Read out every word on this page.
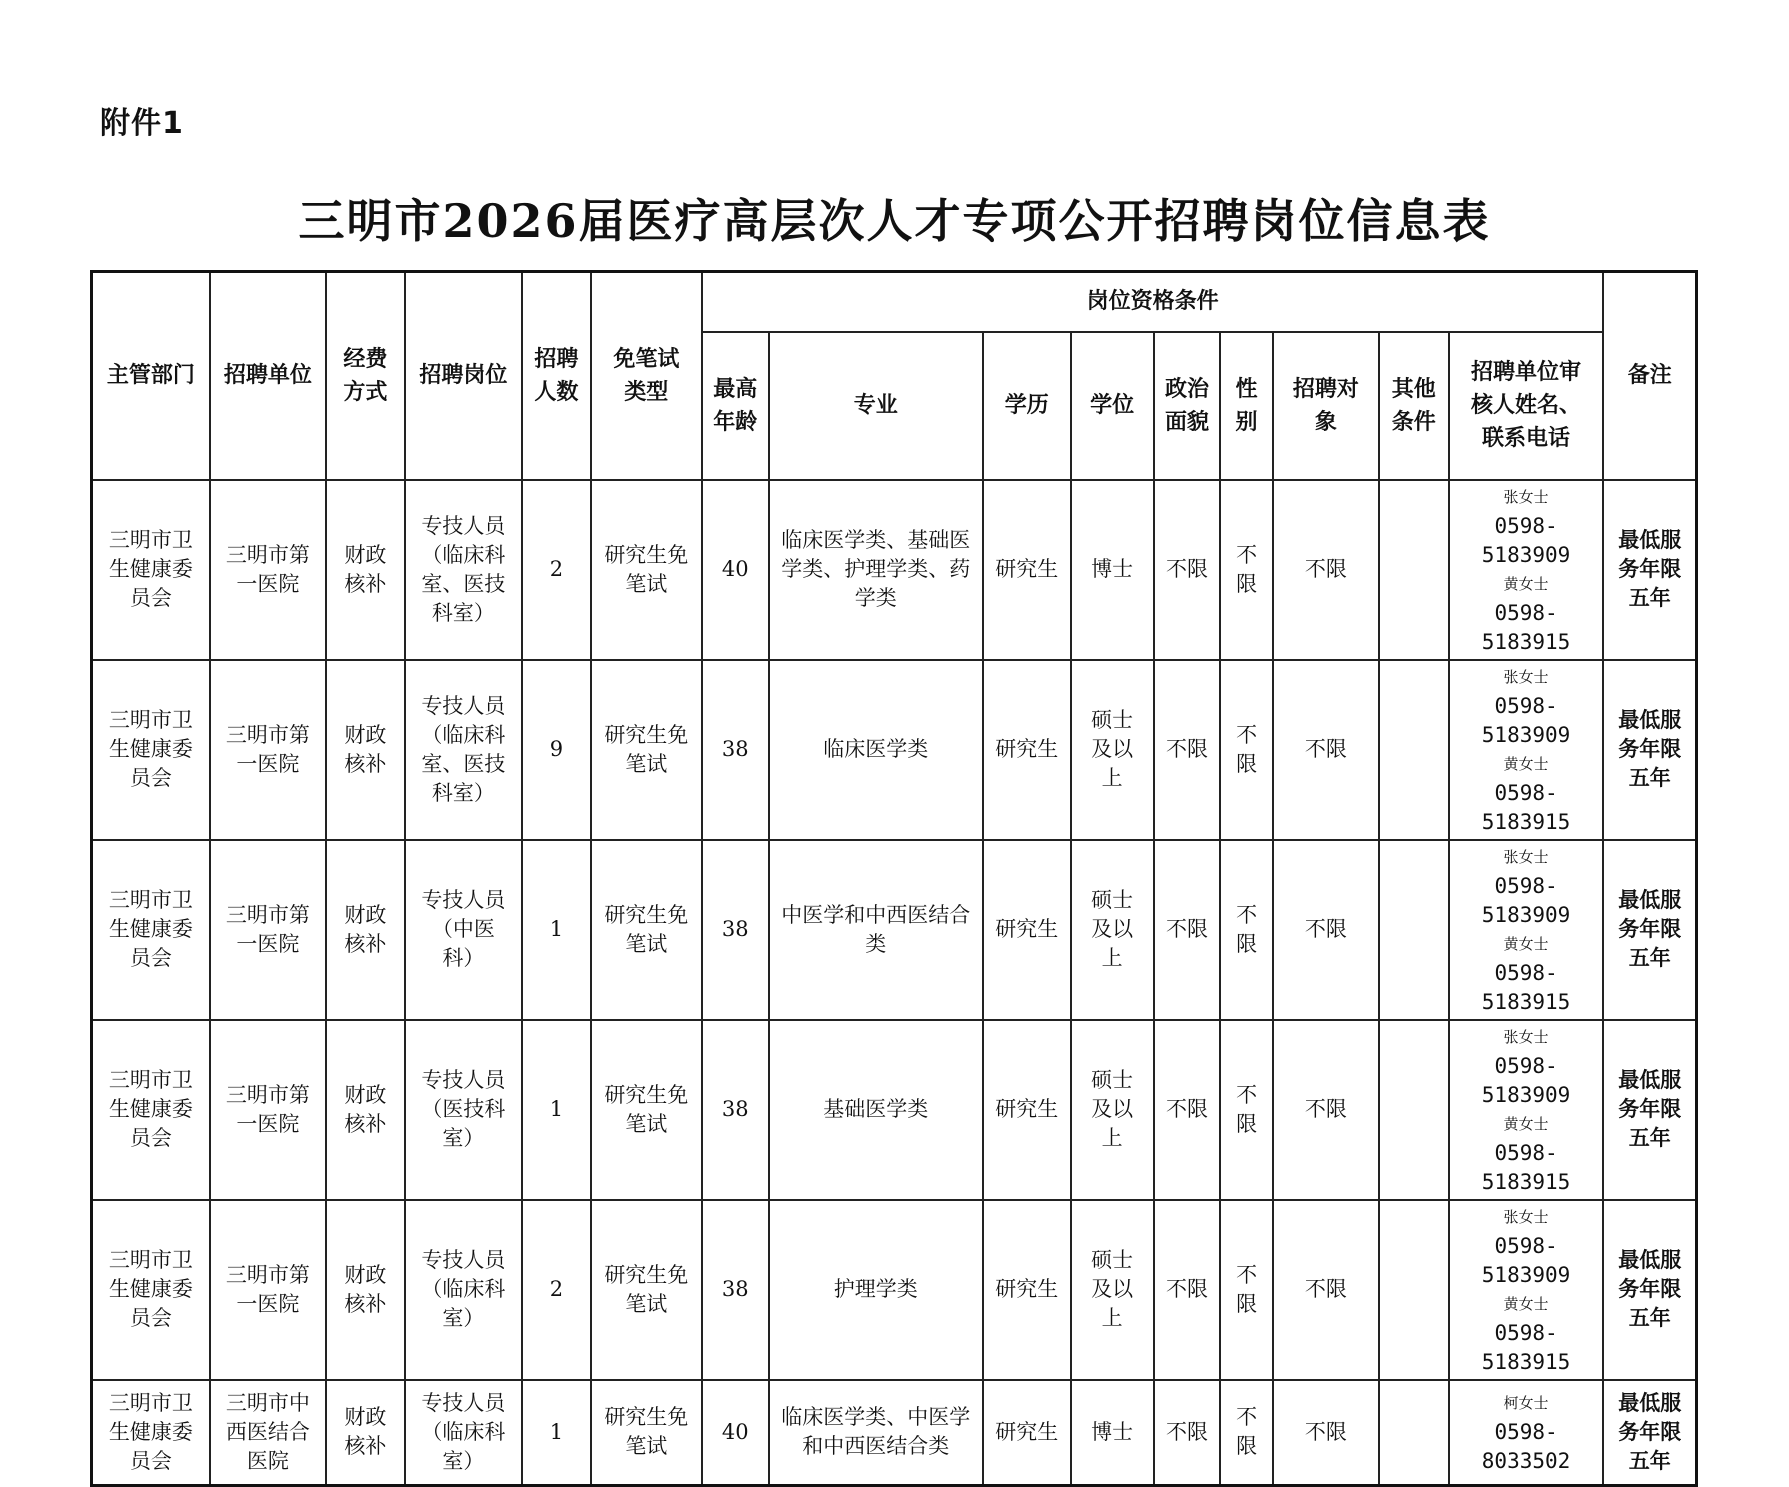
附件1
三明市2026届医疗高层次人才专项公开招聘岗位信息表
主管部门	招聘单位	经费方式	招聘岗位	招聘人数	免笔试类型	岗位资格条件									备注

						最高年龄	专业	学历	学位	政治面貌	性别	招聘对象	其他条件	招聘单位审核人姓名、联系电话	

三明市卫生健康委员会	三明市第一医院	财政核补	专技人员（临床科室、医技科室）	2	研究生免笔试	40	临床医学类、基础医学类、护理学类、药学类	研究生	博士	不限	不限	不限		张女士
0598-5183909
黄女士
0598-5183915	最低服务年限五年

三明市卫生健康委员会	三明市第一医院	财政核补	专技人员（临床科室、医技科室）	9	研究生免笔试	38	临床医学类	研究生	硕士及以上	不限	不限	不限		张女士
0598-5183909
黄女士
0598-5183915	最低服务年限五年

三明市卫生健康委员会	三明市第一医院	财政核补	专技人员（中医科）	1	研究生免笔试	38	中医学和中西医结合类	研究生	硕士及以上	不限	不限	不限		张女士
0598-5183909
黄女士
0598-5183915	最低服务年限五年

三明市卫生健康委员会	三明市第一医院	财政核补	专技人员（医技科室）	1	研究生免笔试	38	基础医学类	研究生	硕士及以上	不限	不限	不限		张女士
0598-5183909
黄女士
0598-5183915	最低服务年限五年

三明市卫生健康委员会	三明市第一医院	财政核补	专技人员（临床科室）	2	研究生免笔试	38	护理学类	研究生	硕士及以上	不限	不限	不限		张女士
0598-5183909
黄女士
0598-5183915	最低服务年限五年

三明市卫生健康委员会	三明市中西医结合医院	财政核补	专技人员（临床科室）	1	研究生免笔试	40	临床医学类、中医学和中西医结合类	研究生	博士	不限	不限	不限		柯女士
0598-8033502	最低服务年限五年
